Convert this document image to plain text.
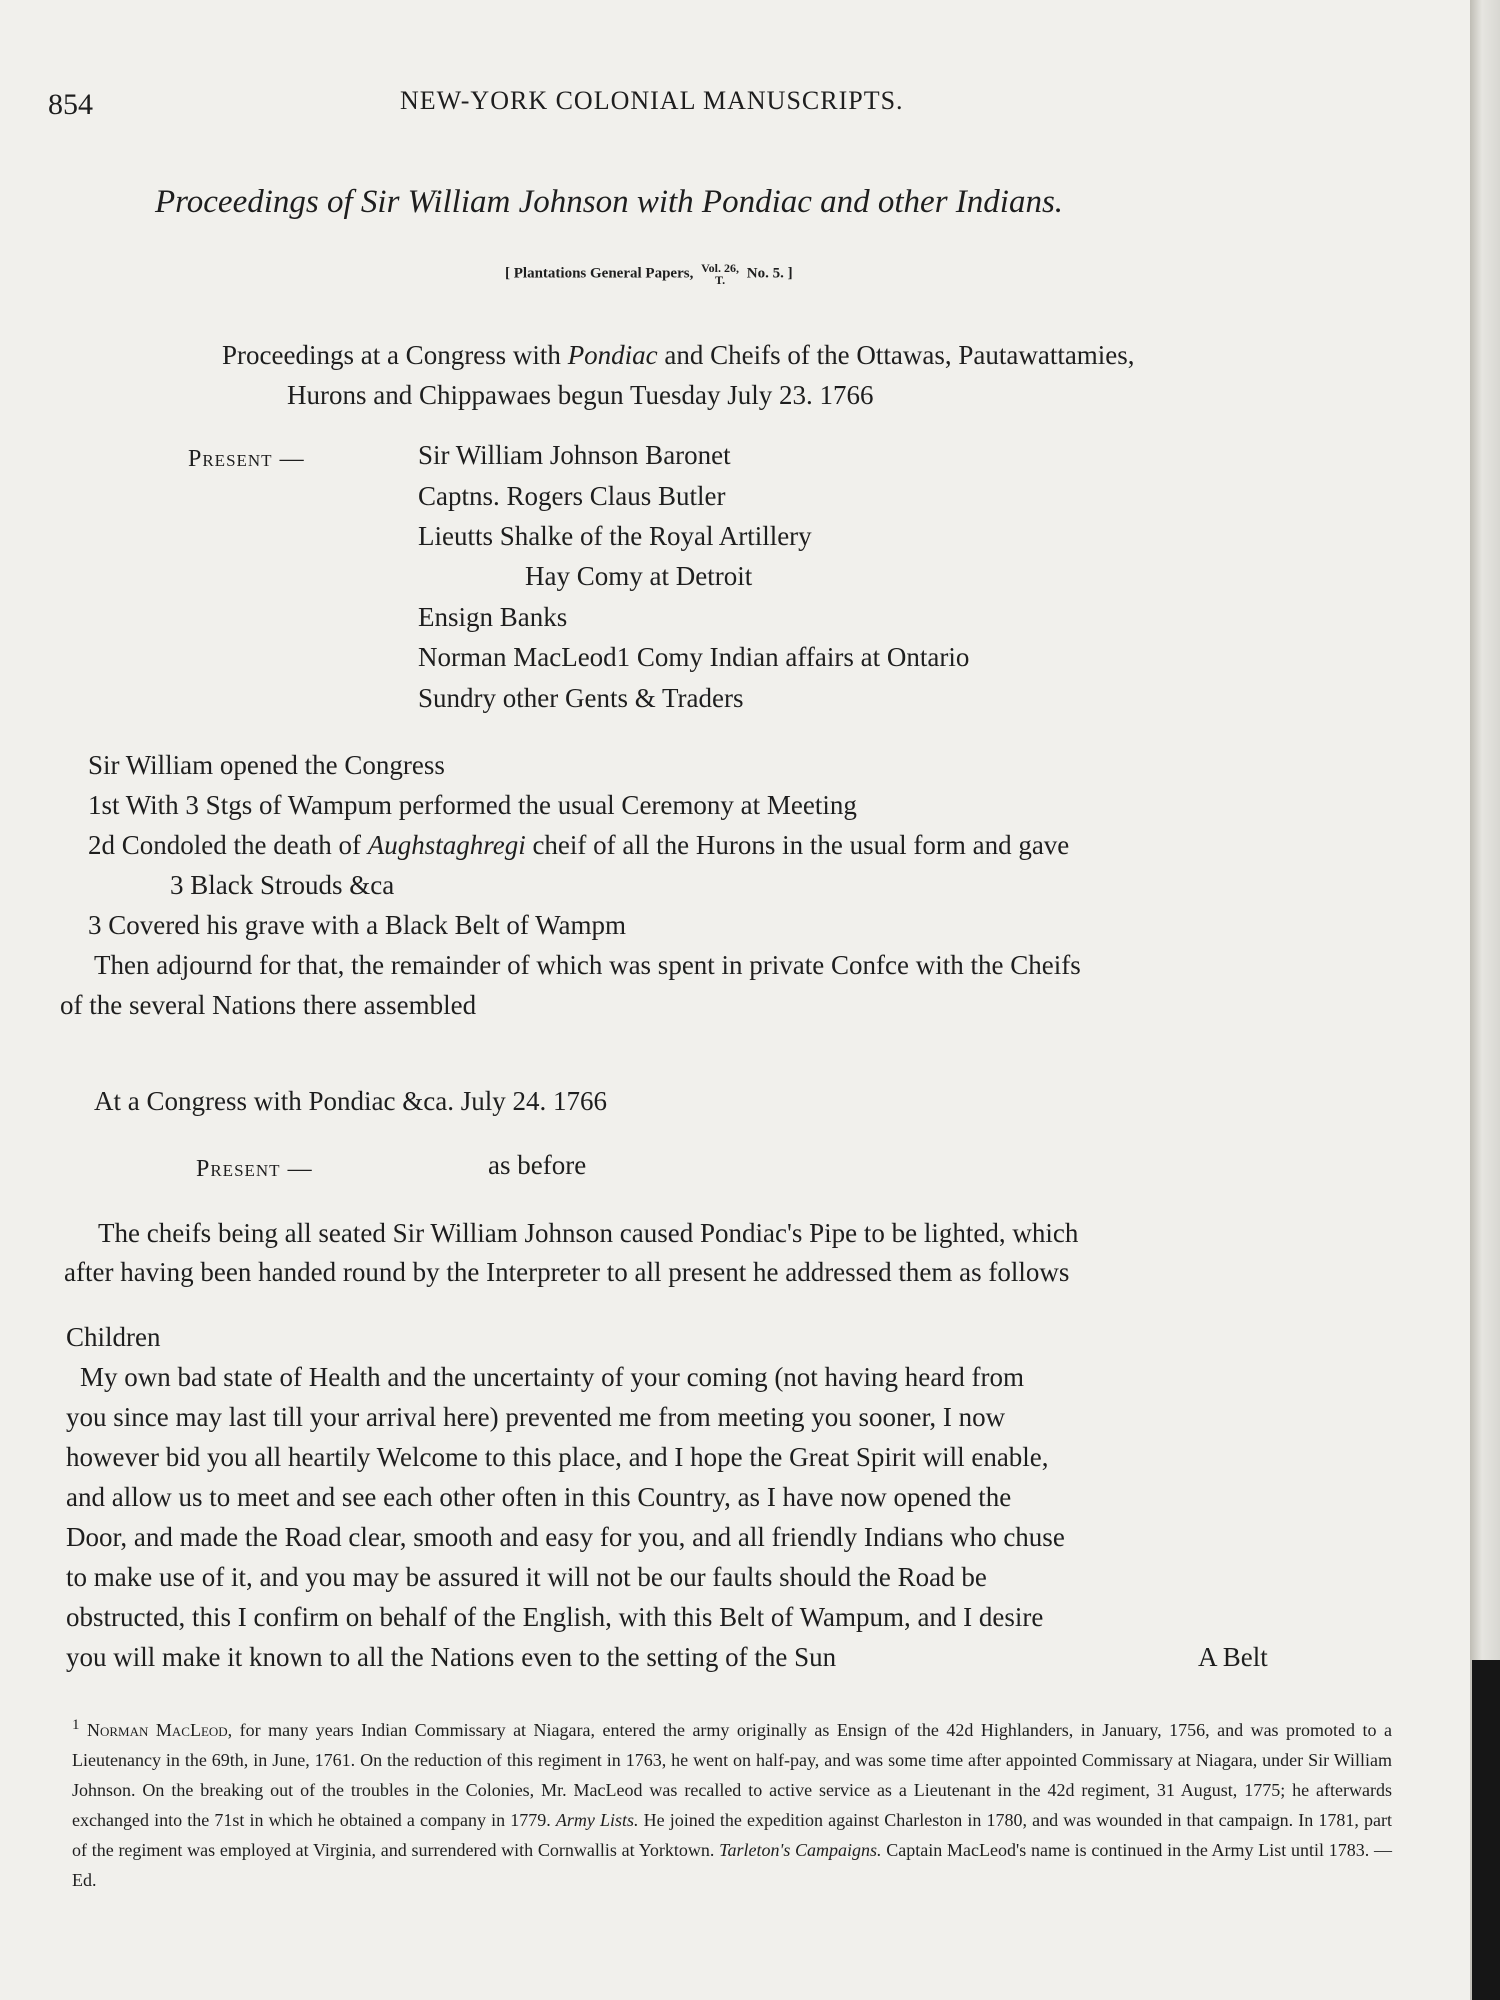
854	NEW-YORK COLONIAL MANUSCRIPTS.
Proceedings of Sir William Johnson with Pondiac and other Indians.
[ Plantations General Papers, Vol. 26,
T.	No. 5. ]
Proceedings at a Congress with Pondiac and Cheifs of the Ottawas, Pautawattamies,
Hurons and Chippawaes begun Tuesday July 23. 1766
Present —	Sir William Johnson Baronet
Captns. Rogers Claus Butler
Lieutts Shalke of the Royal Artillery
Hay Comy at Detroit
Ensign Banks
Norman MacLeod1 Comy Indian affairs at Ontario
Sundry other Gents & Traders
Sir William opened the Congress
1st With 3 Stgs of Wampum performed the usual Ceremony at Meeting
2d Condoled the death of Aughstaghregi cheif of all the Hurons in the usual form and gave
3 Black Strouds &ca
3 Covered his grave with a Black Belt of Wampm
Then adjournd for that, the remainder of which was spent in private Confce with the Cheifs
of the several Nations there assembled
At a Congress with Pondiac &ca. July 24. 1766
Present —	as before
The cheifs being all seated Sir William Johnson caused Pondiac's Pipe to be lighted, which
after having been handed round by the Interpreter to all present he addressed them as follows
Children
My own bad state of Health and the uncertainty of your coming (not having heard from
you since may last till your arrival here) prevented me from meeting you sooner, I now
however bid you all heartily Welcome to this place, and I hope the Great Spirit will enable,
and allow us to meet and see each other often in this Country, as I have now opened the
Door, and made the Road clear, smooth and easy for you, and all friendly Indians who chuse
to make use of it, and you may be assured it will not be our faults should the Road be
obstructed, this I confirm on behalf of the English, with this Belt of Wampum, and I desire
you will make it known to all the Nations even to the setting of the Sun	A Belt
$^1$ Norman MacLeod, for many years Indian Commissary at Niagara, entered the army originally as Ensign of the 42d Highlanders, in January, 1756, and was promoted to a Lieutenancy in the 69th, in June, 1761. On the reduction of this regiment in 1763, he went on half-pay, and was some time after appointed Commissary at Niagara, under Sir William Johnson. On the breaking out of the troubles in the Colonies, Mr. MacLeod was recalled to active service as a Lieutenant in the 42d regiment, 31 August, 1775; he afterwards exchanged into the 71st in which he obtained a company in 1779. Army Lists. He joined the expedition against Charleston in 1780, and was wounded in that campaign. In 1781, part of the regiment was employed at Virginia, and surrendered with Cornwallis at Yorktown. Tarleton's Campaigns. Captain MacLeod's name is continued in the Army List until 1783. — Ed.
